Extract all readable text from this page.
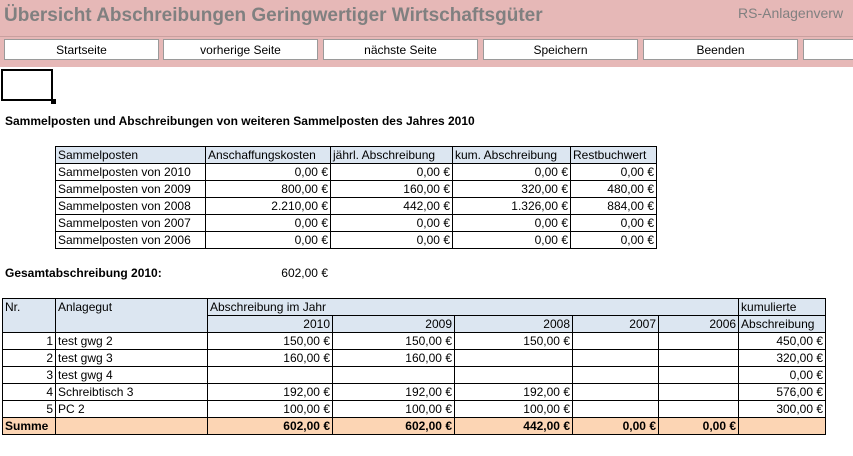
Übersicht Abschreibungen Geringwertiger Wirtschaftsgüter	RS-Anlagenverw
Startseite	vorherige Seite	nächste Seite	Speichern	Beenden
Sammelposten und Abschreibungen von weiteren Sammelposten des Jahres 2010
Sammelposten	Anschaffungskosten	jährl. Abschreibung	kum. Abschreibung	Restbuchwert
Sammelposten von 2010	0,00 €	0,00 €	0,00 €	0,00 €
Sammelposten von 2009	800,00 €	160,00 €	320,00 €	480,00 €
Sammelposten von 2008	2.210,00 €	442,00 €	1.326,00 €	884,00 €
Sammelposten von 2007	0,00 €	0,00 €	0,00 €	0,00 €
Sammelposten von 2006	0,00 €	0,00 €	0,00 €	0,00 €
Gesamtabschreibung 2010:	602,00 €
Nr.	Anlagegut	Abschreibung im Jahr					kumulierte
		2010	2009	2008	2007	2006	Abschreibung
1	test gwg 2	150,00 €	150,00 €	150,00 €			450,00 €
2	test gwg 3	160,00 €	160,00 €				320,00 €
3	test gwg 4						0,00 €
4	Schreibtisch 3	192,00 €	192,00 €	192,00 €			576,00 €
5	PC 2	100,00 €	100,00 €	100,00 €			300,00 €
Summe		602,00 €	602,00 €	442,00 €	0,00 €	0,00 €	
